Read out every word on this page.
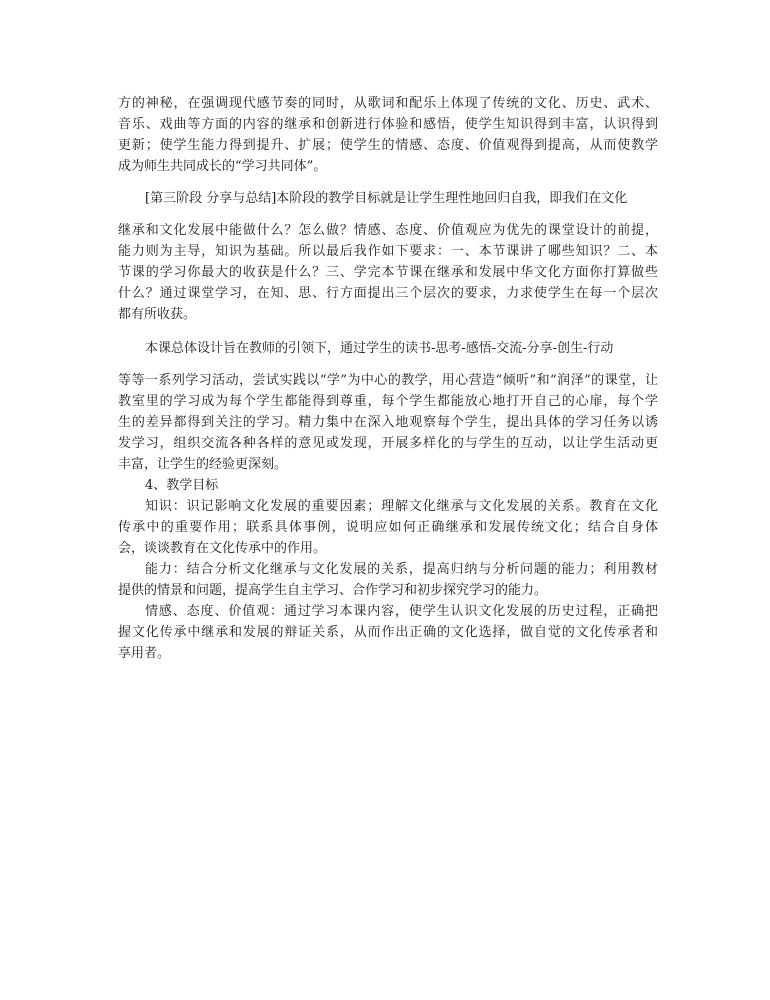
方的神秘，在强调现代感节奏的同时，从歌词和配乐上体现了传统的文化、历史、武术、
音乐、戏曲等方面的内容的继承和创新进行体验和感悟，使学生知识得到丰富，认识得到
更新；使学生能力得到提升、扩展；使学生的情感、态度、价值观得到提高，从而使教学
成为师生共同成长的“学习共同体”。
[第三阶段 分享与总结]本阶段的教学目标就是让学生理性地回归自我，即我们在文化
继承和文化发展中能做什么？怎么做？情感、态度、价值观应为优先的课堂设计的前提，
能力则为主导，知识为基础。所以最后我作如下要求：一、本节课讲了哪些知识？二、本
节课的学习你最大的收获是什么？三、学完本节课在继承和发展中华文化方面你打算做些
什么？通过课堂学习，在知、思、行方面提出三个层次的要求，力求使学生在每一个层次
都有所收获。
本课总体设计旨在教师的引领下，通过学生的读书-思考-感悟-交流-分享-创生-行动
等等一系列学习活动，尝试实践以“学”为中心的教学，用心营造“倾听”和“润泽”的课堂，让
教室里的学习成为每个学生都能得到尊重，每个学生都能放心地打开自己的心扉，每个学
生的差异都得到关注的学习。精力集中在深入地观察每个学生，提出具体的学习任务以诱
发学习，组织交流各种各样的意见或发现，开展多样化的与学生的互动，以让学生活动更
丰富，让学生的经验更深刻。
4、教学目标
知识：识记影响文化发展的重要因素；理解文化继承与文化发展的关系。教育在文化
传承中的重要作用；联系具体事例，说明应如何正确继承和发展传统文化；结合自身体
会，谈谈教育在文化传承中的作用。
能力：结合分析文化继承与文化发展的关系，提高归纳与分析问题的能力；利用教材
提供的情景和问题，提高学生自主学习、合作学习和初步探究学习的能力。
情感、态度、价值观：通过学习本课内容，使学生认识文化发展的历史过程，正确把
握文化传承中继承和发展的辩证关系，从而作出正确的文化选择，做自觉的文化传承者和
享用者。
